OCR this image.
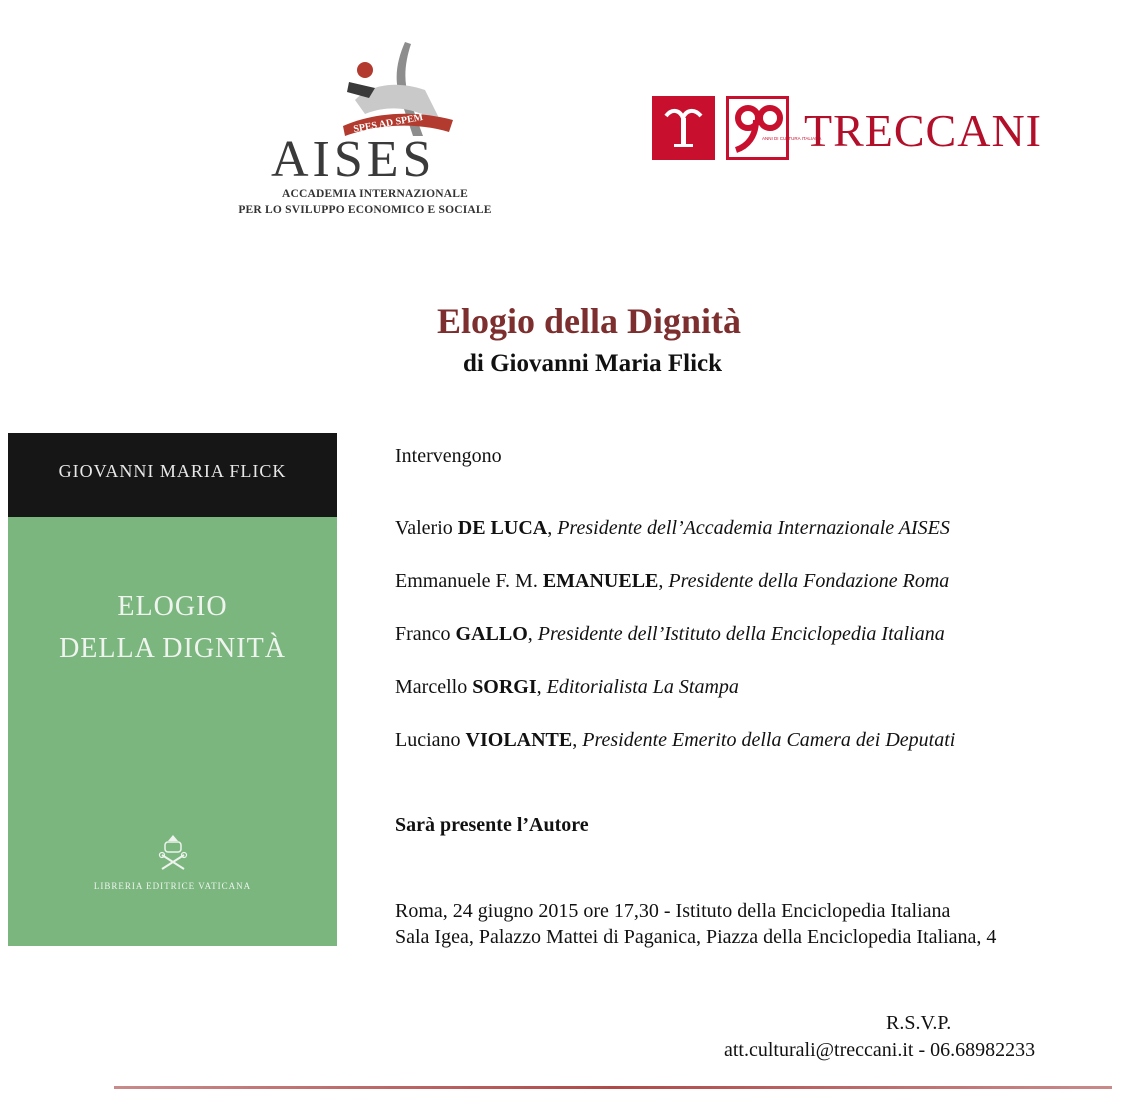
SPES AD SPEM
AISES
ACCADEMIA INTERNAZIONALE
PER LO SVILUPPO ECONOMICO E SOCIALE
ANNI DI CULTURA ITALIANA
TRECCANI
Elogio della Dignità
di Giovanni Maria Flick
GIOVANNI MARIA FLICK
ELOGIO
DELLA DIGNITÀ
LIBRERIA EDITRICE VATICANA
Intervengono
Valerio DE LUCA, Presidente dell’Accademia Internazionale AISES
Emmanuele F. M. EMANUELE, Presidente della Fondazione Roma
Franco GALLO, Presidente dell’Istituto della Enciclopedia Italiana
Marcello SORGI, Editorialista La Stampa
Luciano VIOLANTE, Presidente Emerito della Camera dei Deputati
Sarà presente l’Autore
Roma, 24 giugno 2015 ore 17,30 - Istituto della Enciclopedia Italiana
Sala Igea, Palazzo Mattei di Paganica, Piazza della Enciclopedia Italiana, 4
R.S.V.P.
att.culturali@treccani.it - 06.68982233
